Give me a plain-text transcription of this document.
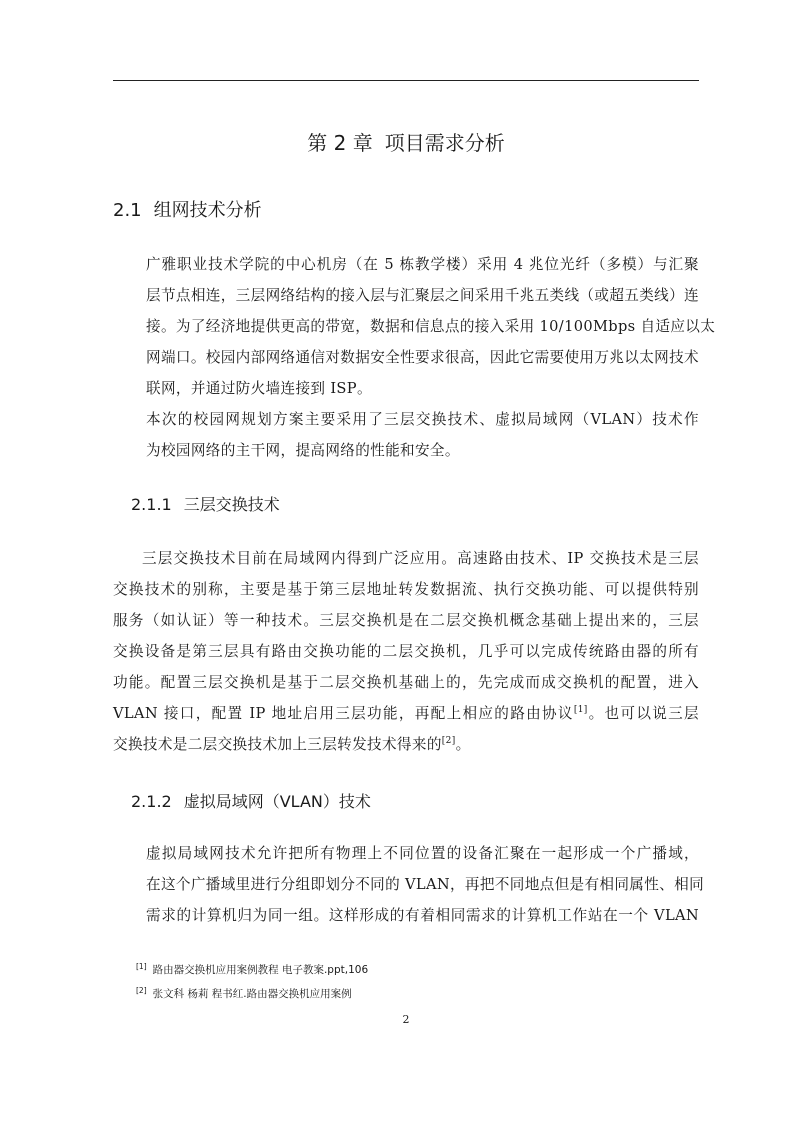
第 2 章 项目需求分析
2.1 组网技术分析
广雅职业技术学院的中心机房（在 5 栋教学楼）采用 4 兆位光纤（多模）与汇聚
层节点相连，三层网络结构的接入层与汇聚层之间采用千兆五类线（或超五类线）连
接。为了经济地提供更高的带宽，数据和信息点的接入采用 10/100Mbps 自适应以太
网端口。校园内部网络通信对数据安全性要求很高，因此它需要使用万兆以太网技术
联网，并通过防火墙连接到 ISP。
本次的校园网规划方案主要采用了三层交换技术、虚拟局域网（VLAN）技术作
为校园网络的主干网，提高网络的性能和安全。
2.1.1 三层交换技术
三层交换技术目前在局域网内得到广泛应用。高速路由技术、IP 交换技术是三层
交换技术的别称，主要是基于第三层地址转发数据流、执行交换功能、可以提供特别
服务（如认证）等一种技术。三层交换机是在二层交换机概念基础上提出来的，三层
交换设备是第三层具有路由交换功能的二层交换机，几乎可以完成传统路由器的所有
功能。配置三层交换机是基于二层交换机基础上的，先完成而成交换机的配置，进入
VLAN 接口，配置 IP 地址启用三层功能，再配上相应的路由协议[1]。也可以说三层
交换技术是二层交换技术加上三层转发技术得来的[2]。
2.1.2 虚拟局域网（VLAN）技术
虚拟局域网技术允许把所有物理上不同位置的设备汇聚在一起形成一个广播域，
在这个广播域里进行分组即划分不同的 VLAN，再把不同地点但是有相同属性、相同
需求的计算机归为同一组。这样形成的有着相同需求的计算机工作站在一个 VLAN
[1] 路由器交换机应用案例教程 电子教案.ppt,106
[2] 张文科 杨莉 程书红.路由器交换机应用案例
2
